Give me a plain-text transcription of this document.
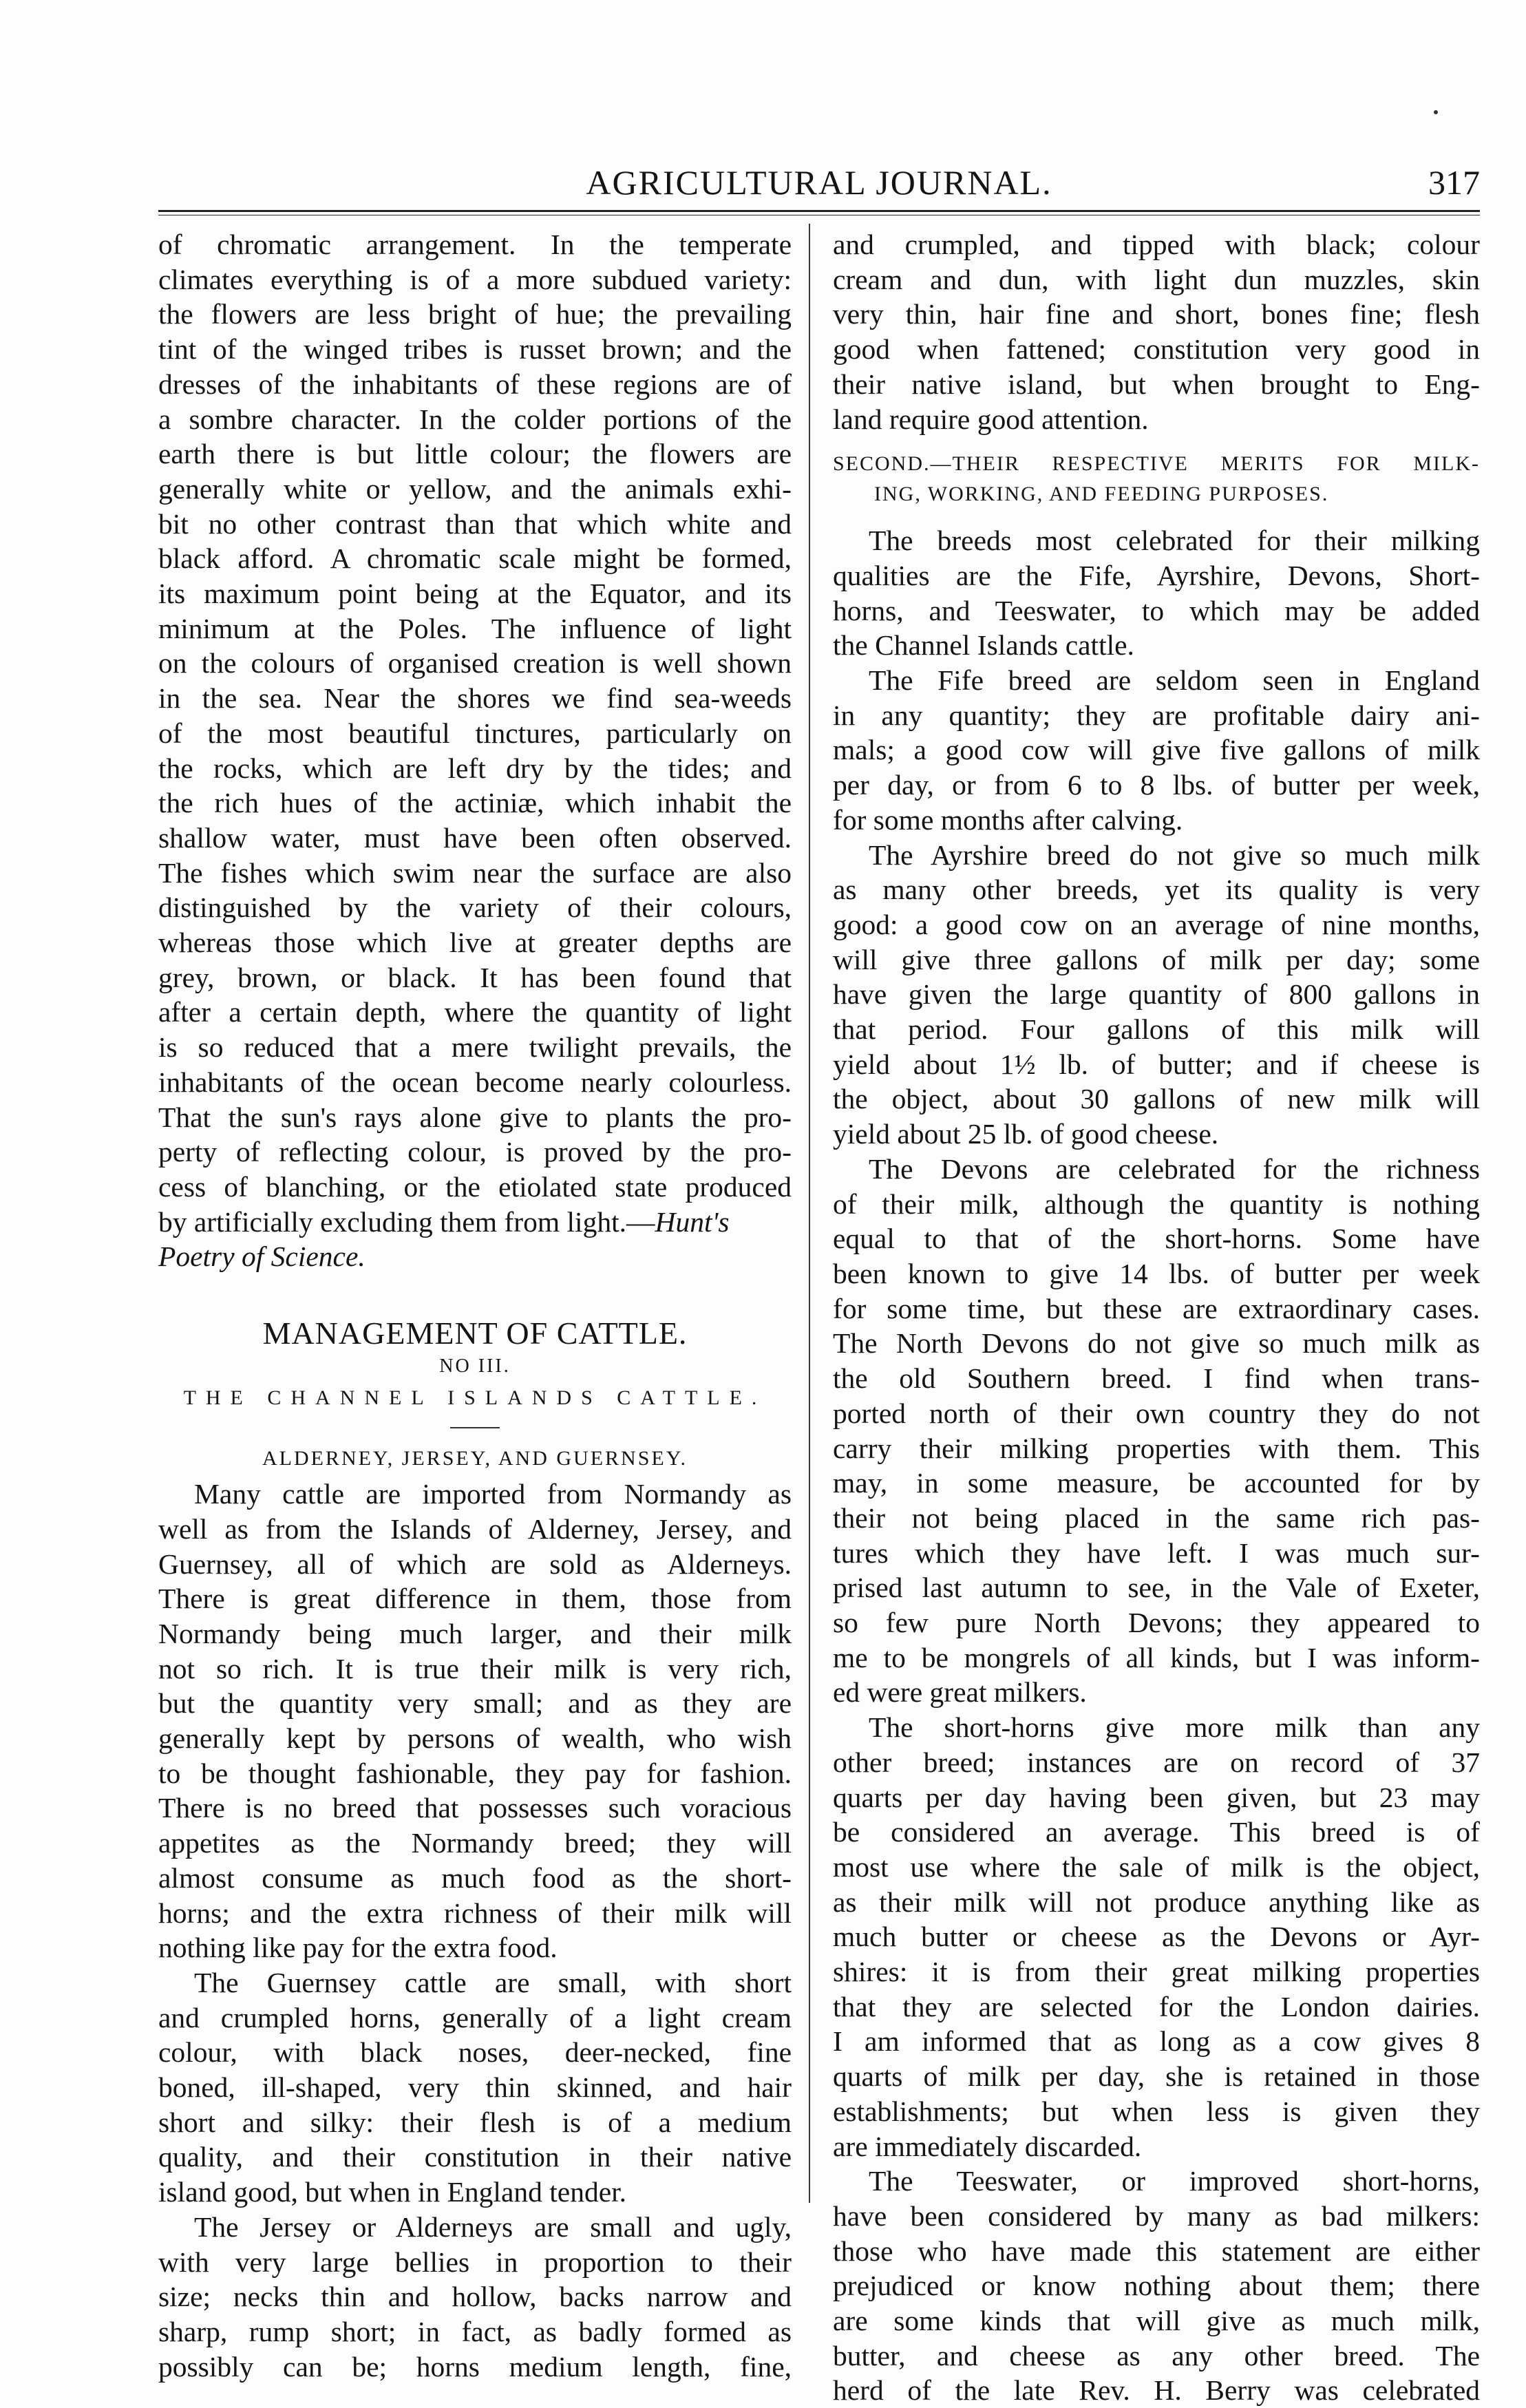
AGRICULTURAL JOURNAL.	317

of chromatic arrangement. In the temperate
climates everything is of a more subdued variety:
the flowers are less bright of hue; the prevailing
tint of the winged tribes is russet brown; and the
dresses of the inhabitants of these regions are of
a sombre character. In the colder portions of the
earth there is but little colour; the flowers are
generally white or yellow, and the animals exhi-
bit no other contrast than that which white and
black afford. A chromatic scale might be formed,
its maximum point being at the Equator, and its
minimum at the Poles. The influence of light
on the colours of organised creation is well shown
in the sea. Near the shores we find sea-weeds
of the most beautiful tinctures, particularly on
the rocks, which are left dry by the tides; and
the rich hues of the actiniæ, which inhabit the
shallow water, must have been often observed.
The fishes which swim near the surface are also
distinguished by the variety of their colours,
whereas those which live at greater depths are
grey, brown, or black. It has been found that
after a certain depth, where the quantity of light
is so reduced that a mere twilight prevails, the
inhabitants of the ocean become nearly colourless.
That the sun's rays alone give to plants the pro-
perty of reflecting colour, is proved by the pro-
cess of blanching, or the etiolated state produced
by artificially excluding them from light.—Hunt's

Poetry of Science.

MANAGEMENT OF CATTLE.
NO III.
THE CHANNEL ISLANDS CATTLE.
ALDERNEY, JERSEY, AND GUERNSEY.

Many cattle are imported from Normandy as
well as from the Islands of Alderney, Jersey, and
Guernsey, all of which are sold as Alderneys.
There is great difference in them, those from
Normandy being much larger, and their milk
not so rich. It is true their milk is very rich,
but the quantity very small; and as they are
generally kept by persons of wealth, who wish
to be thought fashionable, they pay for fashion.
There is no breed that possesses such voracious
appetites as the Normandy breed; they will
almost consume as much food as the short-
horns; and the extra richness of their milk will
nothing like pay for the extra food.

The Guernsey cattle are small, with short
and crumpled horns, generally of a light cream
colour, with black noses, deer-necked, fine
boned, ill-shaped, very thin skinned, and hair
short and silky: their flesh is of a medium
quality, and their constitution in their native
island good, but when in England tender.

The Jersey or Alderneys are small and ugly,
with very large bellies in proportion to their
size; necks thin and hollow, backs narrow and
sharp, rump short; in fact, as badly formed as
possibly can be; horns medium length, fine,

and crumpled, and tipped with black; colour
cream and dun, with light dun muzzles, skin
very thin, hair fine and short, bones fine; flesh
good when fattened; constitution very good in
their native island, but when brought to Eng-
land require good attention.

SECOND.—THEIR RESPECTIVE MERITS FOR MILK-
ING, WORKING, AND FEEDING PURPOSES.

The breeds most celebrated for their milking
qualities are the Fife, Ayrshire, Devons, Short-
horns, and Teeswater, to which may be added
the Channel Islands cattle.

The Fife breed are seldom seen in England
in any quantity; they are profitable dairy ani-
mals; a good cow will give five gallons of milk
per day, or from 6 to 8 lbs. of butter per week,
for some months after calving.

The Ayrshire breed do not give so much milk
as many other breeds, yet its quality is very
good: a good cow on an average of nine months,
will give three gallons of milk per day; some
have given the large quantity of 800 gallons in
that period. Four gallons of this milk will
yield about 1½ lb. of butter; and if cheese is
the object, about 30 gallons of new milk will
yield about 25 lb. of good cheese.

The Devons are celebrated for the richness
of their milk, although the quantity is nothing
equal to that of the short-horns. Some have
been known to give 14 lbs. of butter per week
for some time, but these are extraordinary cases.
The North Devons do not give so much milk as
the old Southern breed. I find when trans-
ported north of their own country they do not
carry their milking properties with them. This
may, in some measure, be accounted for by
their not being placed in the same rich pas-
tures which they have left. I was much sur-
prised last autumn to see, in the Vale of Exeter,
so few pure North Devons; they appeared to
me to be mongrels of all kinds, but I was inform-
ed were great milkers.

The short-horns give more milk than any
other breed; instances are on record of 37
quarts per day having been given, but 23 may
be considered an average. This breed is of
most use where the sale of milk is the object,
as their milk will not produce anything like as
much butter or cheese as the Devons or Ayr-
shires: it is from their great milking properties
that they are selected for the London dairies.
I am informed that as long as a cow gives 8
quarts of milk per day, she is retained in those
establishments; but when less is given they
are immediately discarded.

The Teeswater, or improved short-horns,
have been considered by many as bad milkers:
those who have made this statement are either
prejudiced or know nothing about them; there
are some kinds that will give as much milk,
butter, and cheese as any other breed. The
herd of the late Rev. H. Berry was celebrated
